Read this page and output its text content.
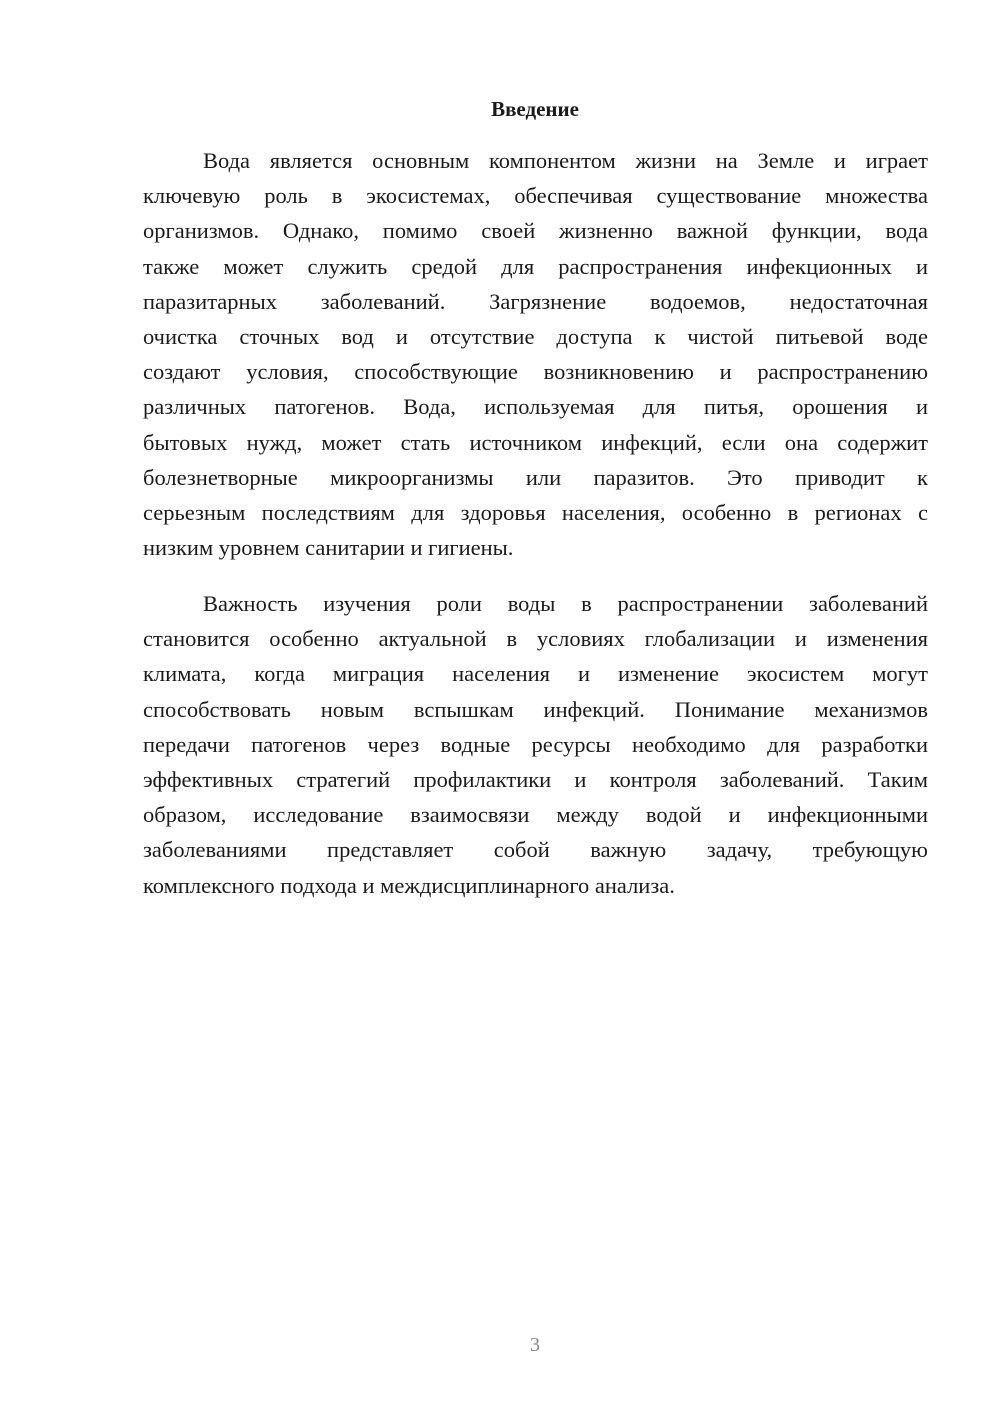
Введение
Вода является основным компонентом жизни на Земле и играет
ключевую роль в экосистемах, обеспечивая существование множества
организмов. Однако, помимо своей жизненно важной функции, вода
также может служить средой для распространения инфекционных и
паразитарных заболеваний. Загрязнение водоемов, недостаточная
очистка сточных вод и отсутствие доступа к чистой питьевой воде
создают условия, способствующие возникновению и распространению
различных патогенов. Вода, используемая для питья, орошения и
бытовых нужд, может стать источником инфекций, если она содержит
болезнетворные микроорганизмы или паразитов. Это приводит к
серьезным последствиям для здоровья населения, особенно в регионах с
низким уровнем санитарии и гигиены.
Важность изучения роли воды в распространении заболеваний
становится особенно актуальной в условиях глобализации и изменения
климата, когда миграция населения и изменение экосистем могут
способствовать новым вспышкам инфекций. Понимание механизмов
передачи патогенов через водные ресурсы необходимо для разработки
эффективных стратегий профилактики и контроля заболеваний. Таким
образом, исследование взаимосвязи между водой и инфекционными
заболеваниями представляет собой важную задачу, требующую
комплексного подхода и междисциплинарного анализа.
3
